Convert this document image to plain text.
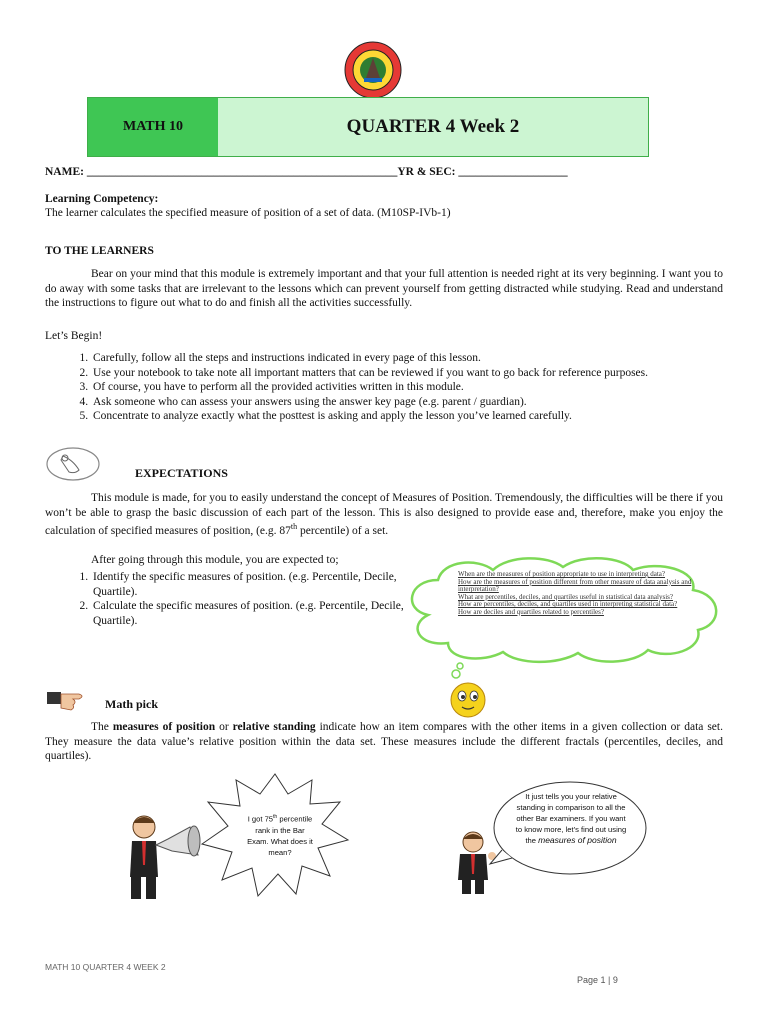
MATH 10	QUARTER 4 Week 2
NAME: ______________________________________________________YR & SEC: ___________________
Learning Competency:
The learner calculates the specified measure of position of a set of data. (M10SP-IVb-1)
TO THE LEARNERS
Bear on your mind that this module is extremely important and that your full attention is needed right at its very beginning. I want you to do away with some tasks that are irrelevant to the lessons which can prevent yourself from getting distracted while studying. Read and understand the instructions to figure out what to do and finish all the activities successfully.
Let’s Begin!
1. Carefully, follow all the steps and instructions indicated in every page of this lesson.
2. Use your notebook to take note all important matters that can be reviewed if you want to go back for reference purposes.
3. Of course, you have to perform all the provided activities written in this module.
4. Ask someone who can assess your answers using the answer key page (e.g. parent / guardian).
5. Concentrate to analyze exactly what the posttest is asking and apply the lesson you’ve learned carefully.
EXPECTATIONS
This module is made, for you to easily understand the concept of Measures of Position. Tremendously, the difficulties will be there if you won’t be able to grasp the basic discussion of each part of the lesson. This is also designed to provide ease and, therefore, make you enjoy the calculation of specified measures of position, (e.g. 87th percentile) of a set.
After going through this module, you are expected to;
1. Identify the specific measures of position. (e.g. Percentile, Decile, Quartile).
2. Calculate the specific measures of position. (e.g. Percentile, Decile, Quartile).
When are the measures of position appropriate to use in interpreting data?
How are the measures of position different from other measure of data analysis and interpretation?
What are percentiles, deciles, and quartiles useful in statistical data analysis?
How are percentiles, deciles, and quartiles used in interpreting statistical data?
How are deciles and quartiles related to percentiles?
Math pick
The measures of position or relative standing indicate how an item compares with the other items in a given collection or data set. They measure the data value’s relative position within the data set. These measures include the different fractals (percentiles, deciles, and quartiles).
I got 75th percentile rank in the Bar Exam. What does it mean?
It just tells you your relative standing in comparison to all the other Bar examiners. If you want to know more, let’s find out using the measures of position
MATH 10 QUARTER 4 WEEK 2
Page 1 | 9
